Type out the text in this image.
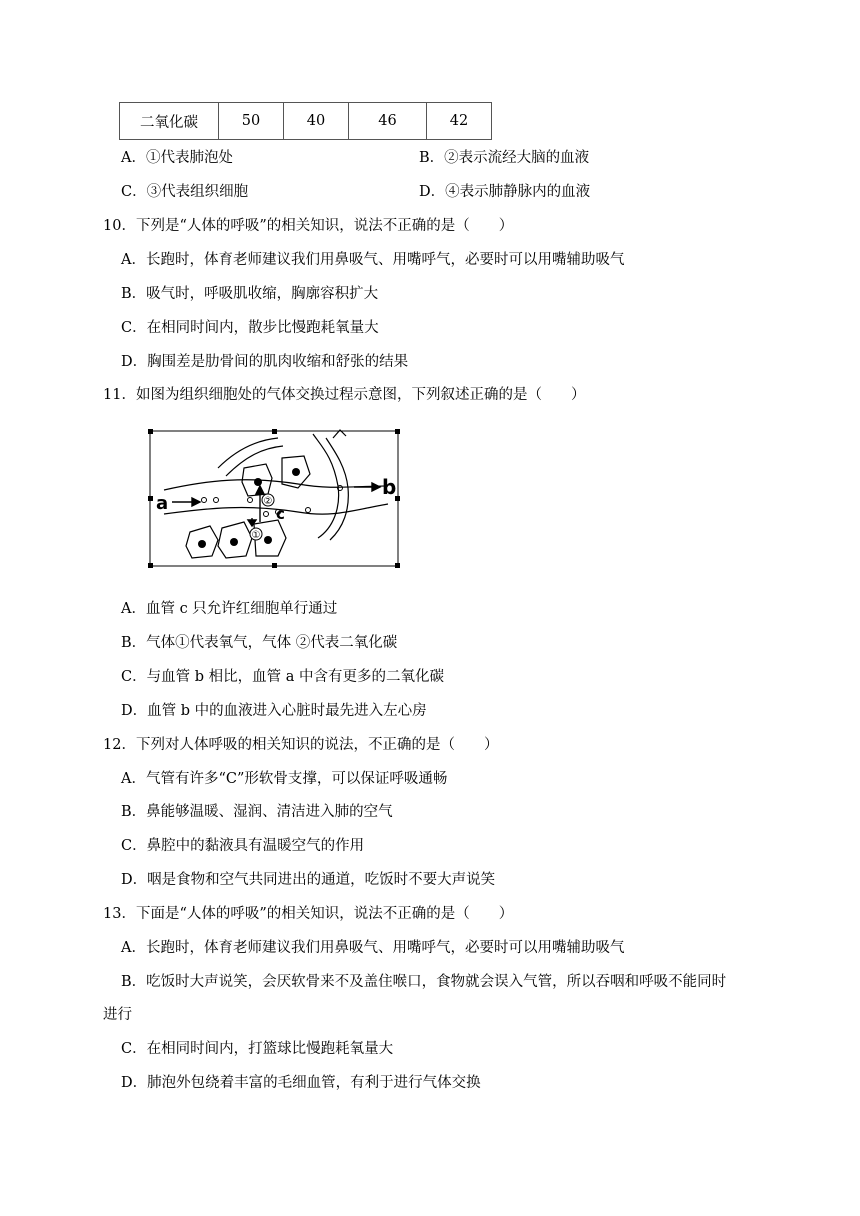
二氧化碳	50	40	46	42
A．①代表肺泡处	B．②表示流经大脑的血液
C．③代表组织细胞	D．④表示肺静脉内的血液
10．下列是“人体的呼吸”的相关知识，说法不正确的是（　　）
A．长跑时，体育老师建议我们用鼻吸气、用嘴呼气，必要时可以用嘴辅助吸气
B．吸气时，呼吸肌收缩，胸廓容积扩大
C．在相同时间内，散步比慢跑耗氧量大
D．胸围差是肋骨间的肌肉收缩和舒张的结果
11．如图为组织细胞处的气体交换过程示意图，下列叙述正确的是（　　）
②
①
a
b
c
A．血管 c 只允许红细胞单行通过
B．气体①代表氧气，气体 ②代表二氧化碳
C．与血管 b 相比，血管 a 中含有更多的二氧化碳
D．血管 b 中的血液进入心脏时最先进入左心房
12．下列对人体呼吸的相关知识的说法，不正确的是（　　）
A．气管有许多“C”形软骨支撑，可以保证呼吸通畅
B．鼻能够温暖、湿润、清洁进入肺的空气
C．鼻腔中的黏液具有温暖空气的作用
D．咽是食物和空气共同进出的通道，吃饭时不要大声说笑
13．下面是“人体的呼吸”的相关知识，说法不正确的是（　　）
A．长跑时，体育老师建议我们用鼻吸气、用嘴呼气，必要时可以用嘴辅助吸气
B．吃饭时大声说笑，会厌软骨来不及盖住喉口，食物就会误入气管，所以吞咽和呼吸不能同时
进行
C．在相同时间内，打篮球比慢跑耗氧量大
D．肺泡外包绕着丰富的毛细血管，有利于进行气体交换
